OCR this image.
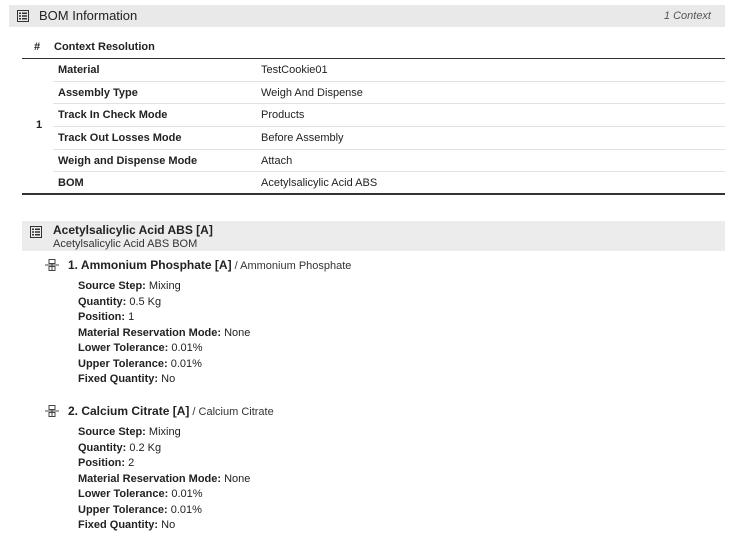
BOM Information	1 Context
# Context Resolution
1
Material	TestCookie01
Assembly Type	Weigh And Dispense
Track In Check Mode	Products
Track Out Losses Mode	Before Assembly
Weigh and Dispense Mode	Attach
BOM	Acetylsalicylic Acid ABS
Acetylsalicylic Acid ABS [A]
Acetylsalicylic Acid ABS BOM
1. Ammonium Phosphate [A] / Ammonium Phosphate
Source Step: Mixing
Quantity: 0.5 Kg
Position: 1
Material Reservation Mode: None
Lower Tolerance: 0.01%
Upper Tolerance: 0.01%
Fixed Quantity: No
2. Calcium Citrate [A] / Calcium Citrate
Source Step: Mixing
Quantity: 0.2 Kg
Position: 2
Material Reservation Mode: None
Lower Tolerance: 0.01%
Upper Tolerance: 0.01%
Fixed Quantity: No
